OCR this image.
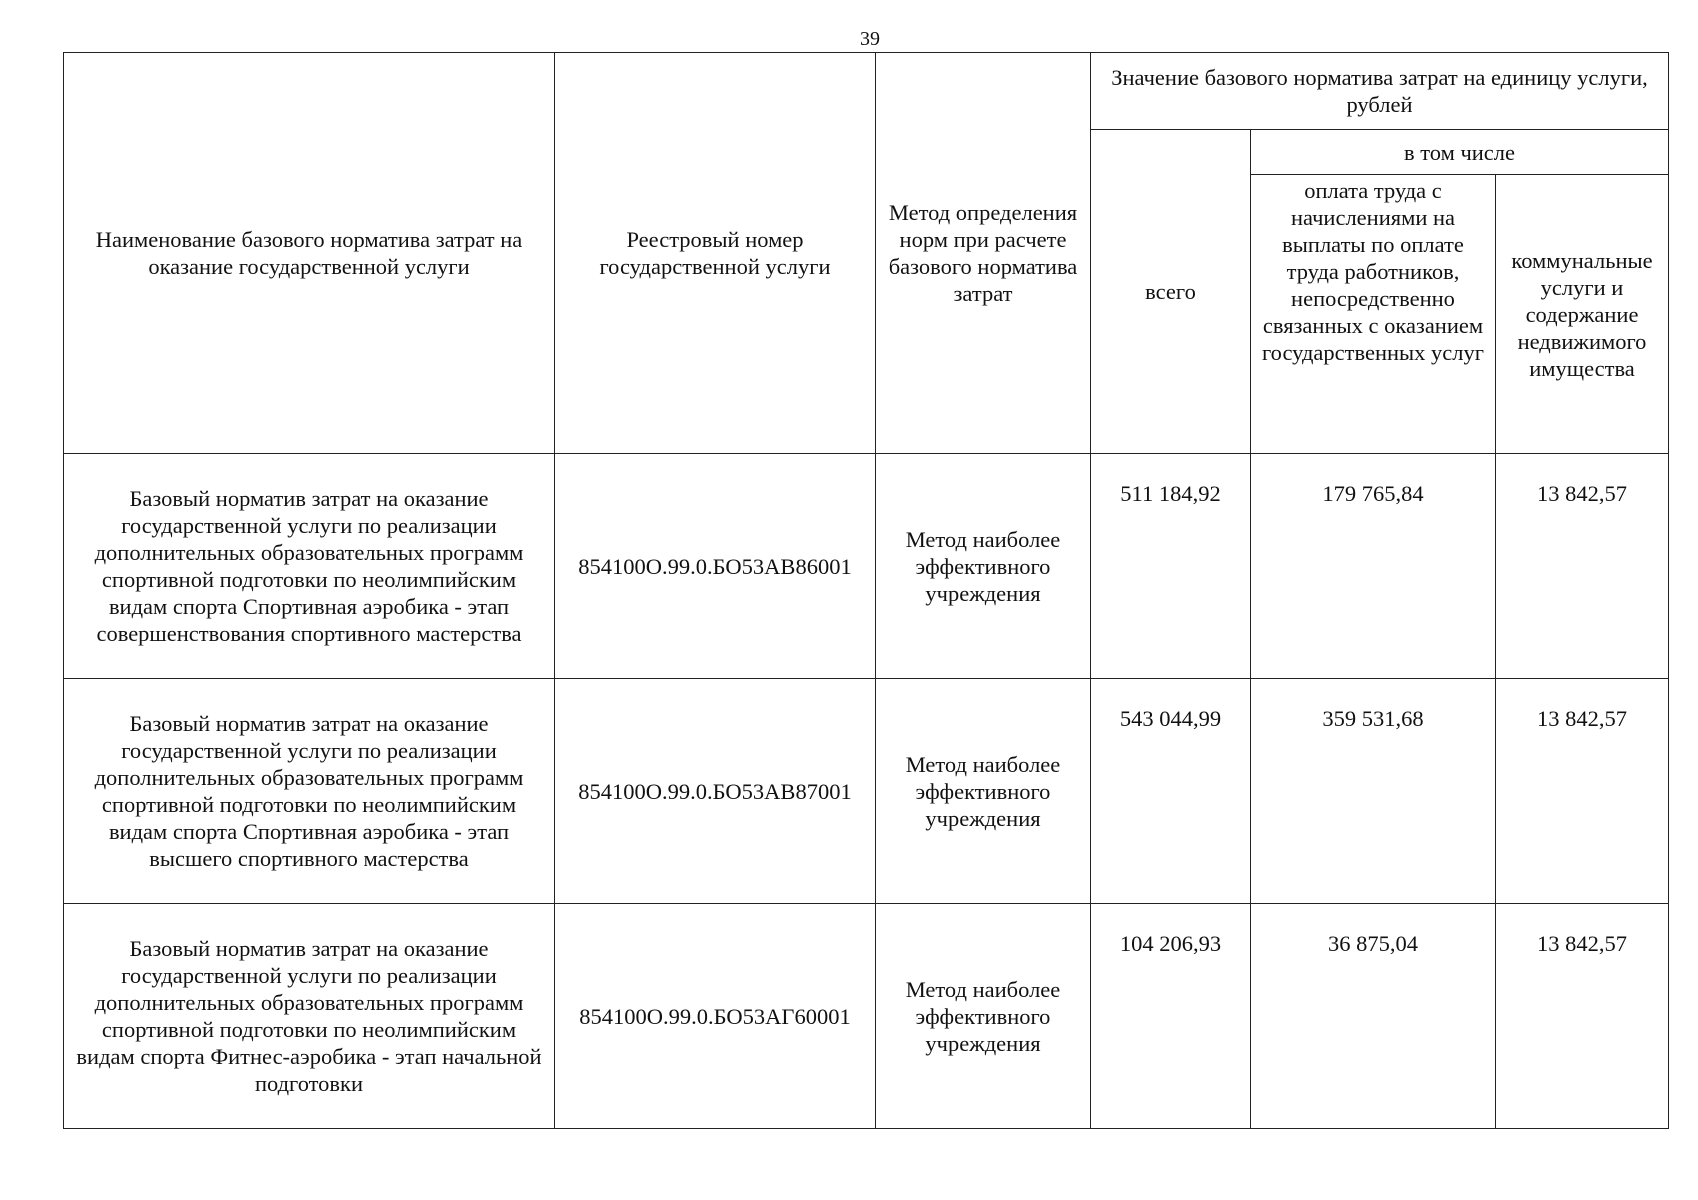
39
Наименование базового норматива затрат на оказание государственной услуги	Реестровый номер государственной услуги	Метод определения норм при расчете базового норматива затрат	Значение базового норматива затрат на единицу услуги, рублей		
			всего	в том числе	
				оплата труда с начислениями на выплаты по оплате труда работников, непосредственно связанных с оказанием государственных услуг	коммунальные услуги и содержание недвижимого имущества
Базовый норматив затрат на оказание государственной услуги по реализации дополнительных образовательных программ спортивной подготовки по неолимпийским видам спорта Спортивная аэробика - этап совершенствования спортивного мастерства	854100О.99.0.БО53АВ86001	Метод наиболее эффективного учреждения	511 184,92	179 765,84	13 842,57
Базовый норматив затрат на оказание государственной услуги по реализации дополнительных образовательных программ спортивной подготовки по неолимпийским видам спорта Спортивная аэробика - этап высшего спортивного мастерства	854100О.99.0.БО53АВ87001	Метод наиболее эффективного учреждения	543 044,99	359 531,68	13 842,57
Базовый норматив затрат на оказание государственной услуги по реализации дополнительных образовательных программ спортивной подготовки по неолимпийским видам спорта Фитнес-аэробика - этап начальной подготовки	854100О.99.0.БО53АГ60001	Метод наиболее эффективного учреждения	104 206,93	36 875,04	13 842,57
